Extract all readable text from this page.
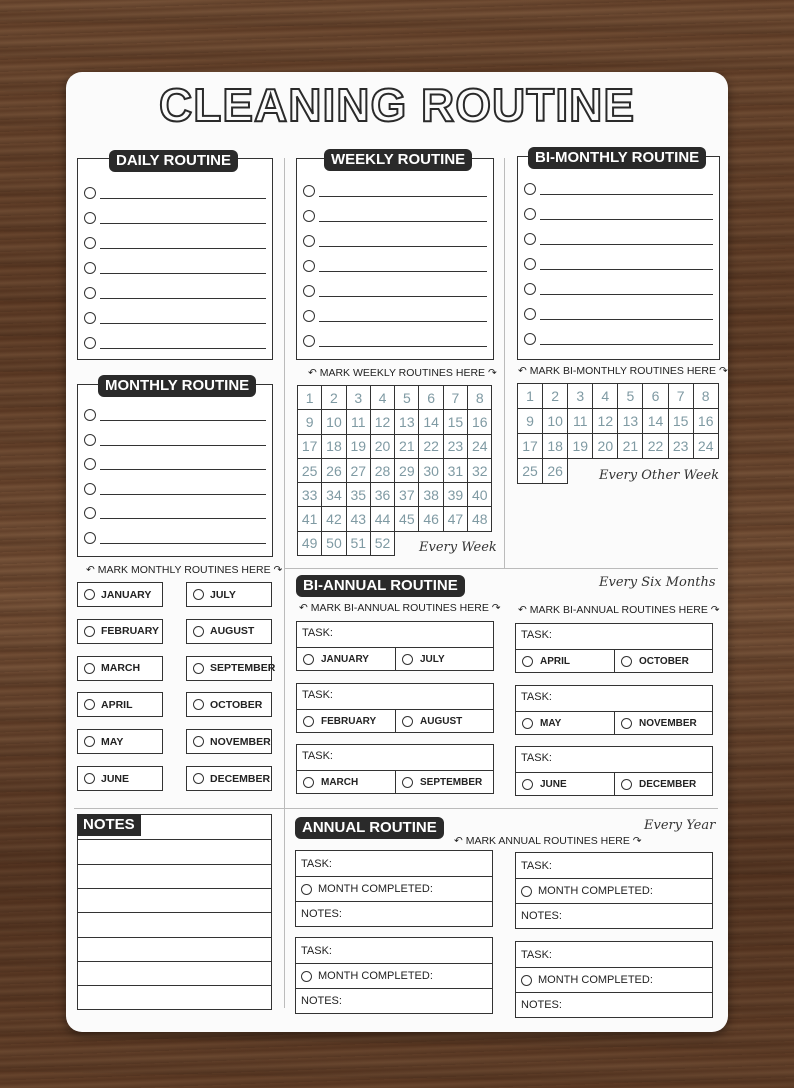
CLEANING ROUTINE
DAILY ROUTINE	WEEKLY ROUTINE	BI-MONTHLY ROUTINE
↶ MARK WEEKLY ROUTINES HERE ↷
1	2	3	4	5	6	7	8
9 10 11 12 13 14 15 16
17 18 19 20 21 22 23 24
25 26 27 28 29 30 31 32
33 34 35 36 37 38 39 40
41 42 43 44 45 46 47 48
49 50 51 52	Every Week
↶ MARK BI-MONTHLY ROUTINES HERE ↷
1	2	3	4	5	6	7	8
9 10 11 12 13 14 15 16
17 18 19 20 21 22 23 24
25 26	Every Other Week
MONTHLY ROUTINE
↶ MARK MONTHLY ROUTINES HERE ↷
JANUARY	JULY
FEBRUARY	AUGUST
MARCH	SEPTEMBER
APRIL	OCTOBER
MAY	NOVEMBER
JUNE	DECEMBER
BI-ANNUAL ROUTINE	Every Six Months
↶ MARK BI-ANNUAL ROUTINES HERE ↷ ↶ MARK BI-ANNUAL ROUTINES HERE ↷
TASK:
JANUARY	JULY
TASK:
FEBRUARY	AUGUST
TASK:
MARCH	SEPTEMBER
TASK:
APRIL	OCTOBER
TASK:
MAY	NOVEMBER
TASK:
JUNE	DECEMBER
NOTES	ANNUAL ROUTINE	Every Year
↶ MARK ANNUAL ROUTINES HERE ↷
TASK:
MONTH COMPLETED:
NOTES:
TASK:
MONTH COMPLETED:
NOTES:
TASK:
MONTH COMPLETED:
NOTES:
TASK:
MONTH COMPLETED:
NOTES:
